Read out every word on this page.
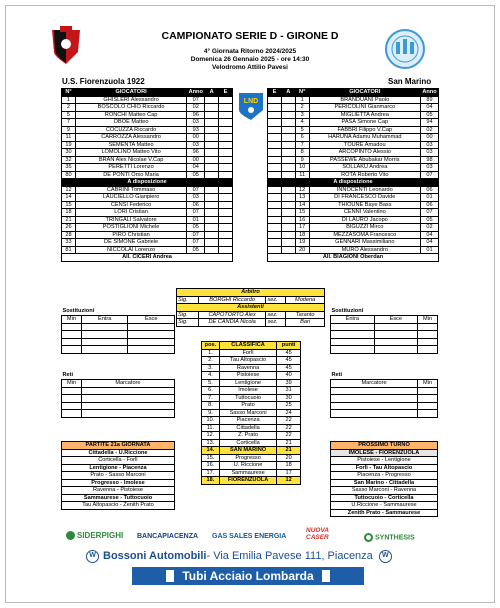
CAMPIONATO SERIE D - GIRONE D
4° Giornata Ritorno 2024/2025
Domenica 26 Gennaio 2025 - ore 14:30
Velodromo Attilio Pavesi
U.S. Fiorenzuola 1922	San Marino
N°	GIOCATORI	Anno	A	E
1	GHISLERI Alessandro	07		
2	BOSCOLO CHIO Riccardo	02		
5	RONCHI Matteo Cap	96		
7	OBOE Matteo	03		
9	COCUZZA Riccardo	93		
11	CARROZZA Alessandro	00		
19	SEMENTA Matteo	03		
30	LOMOLINO Matteo Vito	96		
32	BRAN Alex Nicolae V.Cap	00		
35	PERETTI Lorenzo	04		
80	DE PONTI Orso Maria	05		
A disposizione				
12	CABRINI Tommaso	07		
14	LAUCIELLO Gianpiero	03		
15	CENSI Federico	06		
18	LORI Cristian	07		
21	TRINGALI Salvatore	01		
26	POSTIGLIONI Michele	05		
28	PIRO Christian	07		
33	DE SIMONE Gabriele	07		
81	NICCOLAI Lorenzo	05		
All. CICERI Andrea				
E	A	N°	GIOCATORI	Anno
		1	BRANDUANI Paolo	89
		2	PERICOLINI Gianmarco	04
		3	MIGLIETTA Andrea	05
		4	PASA Simone Cap	94
		5	FABBRI Filippo V.Cap	02
		6	HARUNA Adamu Muhammad	00
		7	TOURE Amadou	03
		8	ARCOPINTO Alessio	03
		9	PASSEWE Abubakar Morris	98
		10	SOLLAKU Andrea	03
		11	ROTA Roberto Vito	07
A disposizione				
		12	INNOCENTI Leonardo	06
		13	DI FRANCESCO Davide	01
		14	THIOUNE Baye Bass	06
		15	CENNI Valentino	07
		16	DI LAURO Jacopo	05
		17	BIGUZZI Mirco	02
		18	MEZZASOMA Francesco	04
		19	GENNARI Massimiliano	04
		20	MURO Alessandro	01
All. BIAGIONI Oberdan				
LND
Arbitro			
Sig.	BORGHI Riccardo	sez.	Modena
Assistenti			
Sig.	CAPOTORTO Alex	sez.	Taranto
Sig.	DE CANDIA Nicola	sez.	Bari
Sostituzioni		
Min	Entra	Esce

Sostituzioni		
Entra	Esce	Min

Reti	
Min	Marcatore

Reti	
Marcatore	Min

pos.	CLASSIFICA	punti
1.	Forlì	45
2.	Tau Altopascio	45
3.	Ravenna	45
4.	Pistoiese	40
5.	Lentigione	39
6.	Imolese	31
7.	Tuttocuoio	30
8.	Prato	25
9.	Sasso Marconi	24
10.	Piacenza	22
11.	Cittadella	22
12.	Z. Prato	22
13.	Corticella	21
14.	SAN MARINO	21
15.	Progresso	20
16.	U. Riccione	18
17.	Sammaurese	17
18.	FIORENZUOLA	12
PARTITE 21a GIORNATA
Cittadella - U.Riccione
Corticella - Forlì
Lentigione - Piacenza
Prato - Sasso Marconi
Progresso - Imolese
Ravenna - Pistoiese
Sammaurese - Tuttocuoio
Tau Altopascio - Zenith Prato
PROSSIMO TURNO
IMOLESE - FIORENZUOLA
Pistoiese - Lentigione
Forlì - Tau Altopascio
Piacenza - Progresso
San Marino - Cittadella
Sasso Marconi - Ravenna
Tuttocuoio - Corticella
U.Riccione - Sammaurese
Zenith Prato - Sammaurese
SIDERPIGHI BANCAPIACENZA GAS SALES ENERGIA
NUOVA CASER	SYNTHESIS
W Bossoni Automobili - Via Emilia Pavese 111, Piacenza	W
Tubi Acciaio Lombarda
